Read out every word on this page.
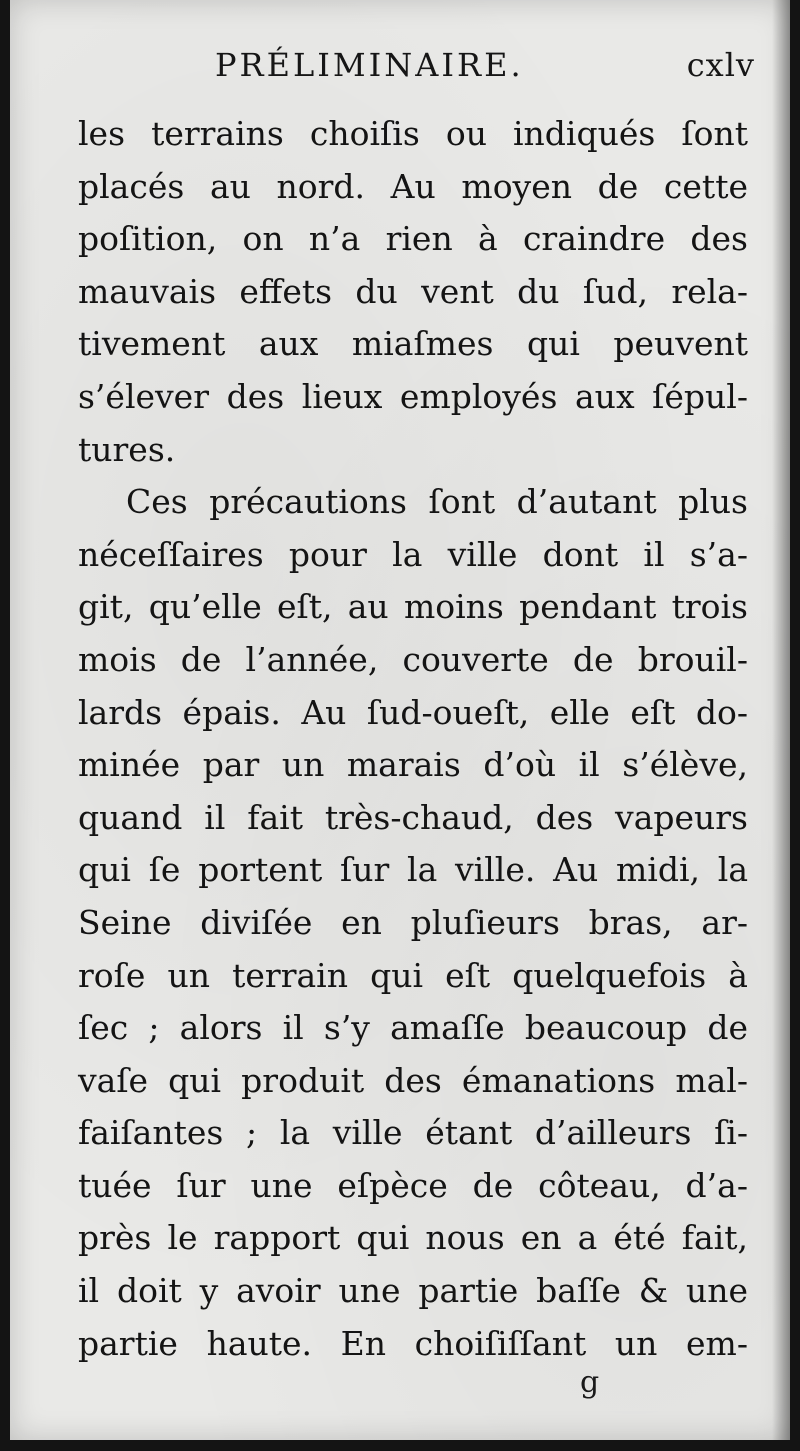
PRÉLIMINAIRE.	cxlv
les terrains choiſis ou indiqués ſont
placés au nord. Au moyen de cette
poſition, on n’a rien à craindre des
mauvais effets du vent du ſud, rela-
tivement aux miaſmes qui peuvent
s’élever des lieux employés aux ſépul-
tures.
Ces précautions ſont d’autant plus
néceſſaires pour la ville dont il s’a-
git, qu’elle eſt, au moins pendant trois
mois de l’année, couverte de brouil-
lards épais. Au ſud-oueſt, elle eſt do-
minée par un marais d’où il s’élève,
quand il fait très-chaud, des vapeurs
qui ſe portent ſur la ville. Au midi, la
Seine diviſée en pluſieurs bras, ar-
roſe un terrain qui eſt quelquefois à
ſec ; alors il s’y amaſſe beaucoup de
vaſe qui produit des émanations mal-
faiſantes ; la ville étant d’ailleurs ſi-
tuée ſur une eſpèce de côteau, d’a-
près le rapport qui nous en a été fait,
il doit y avoir une partie baſſe & une
partie haute. En choiſiſſant un em-
g
